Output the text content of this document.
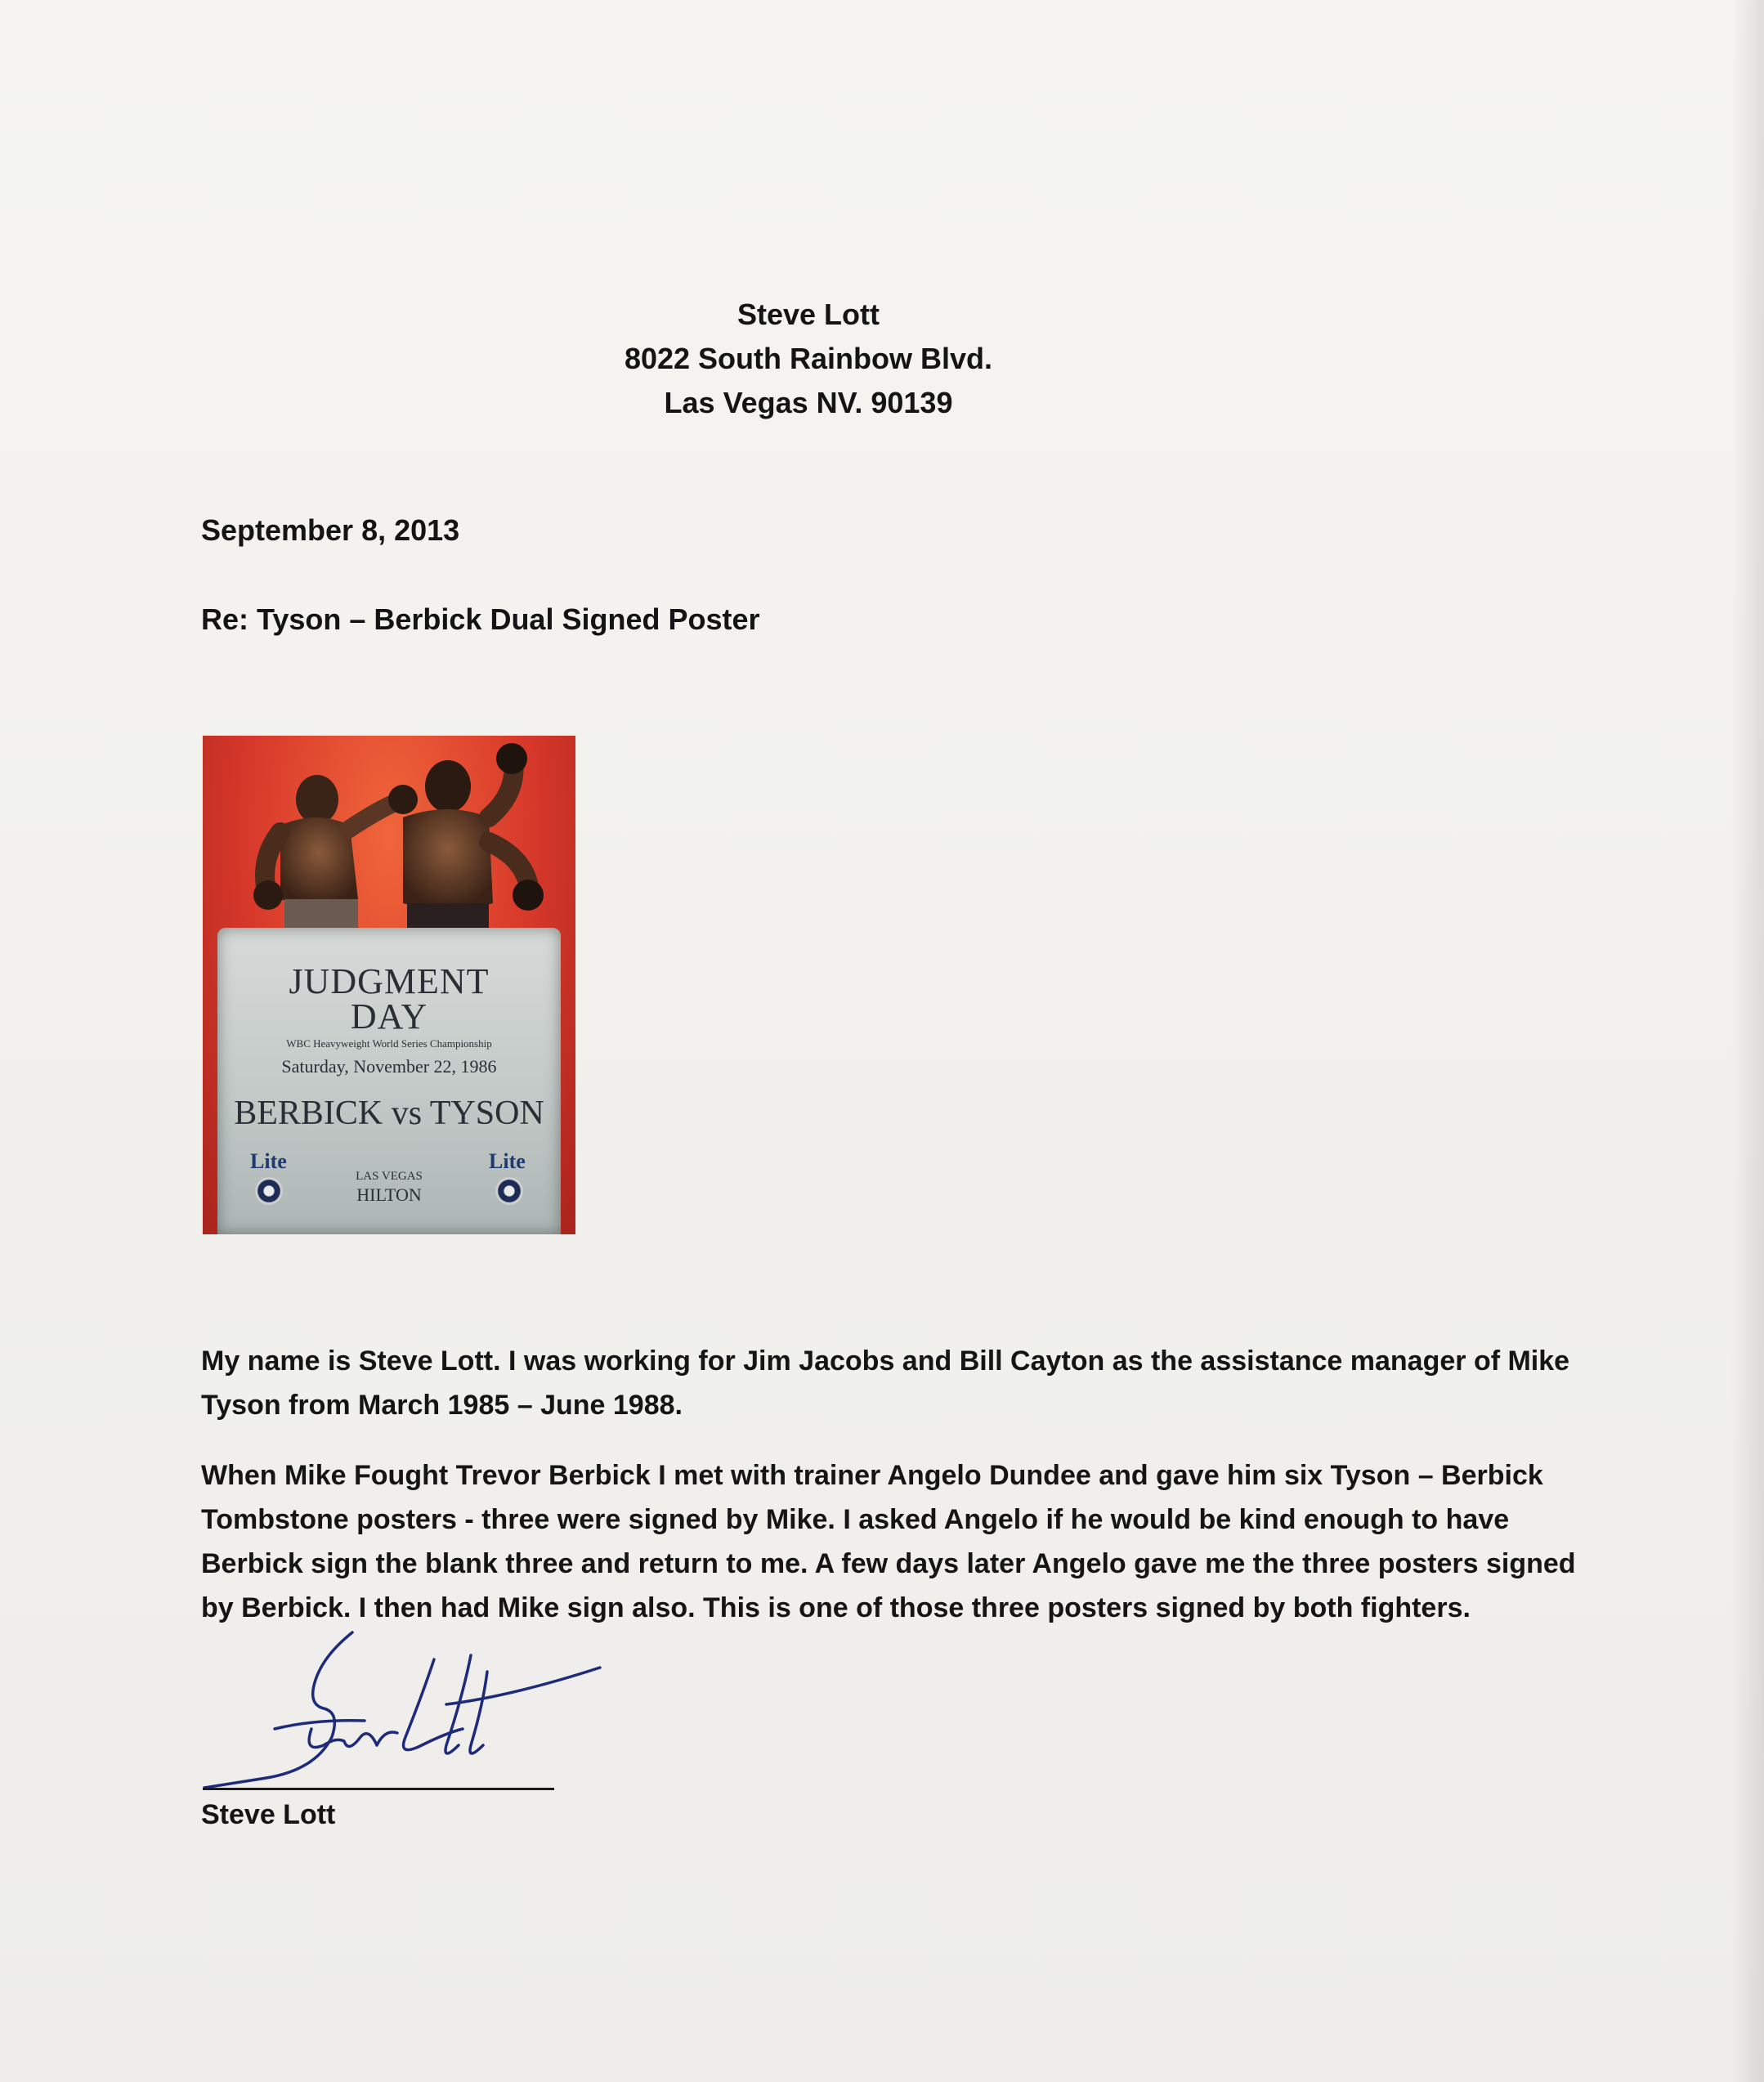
Steve Lott
8022 South Rainbow Blvd.
Las Vegas NV. 90139
September 8, 2013
Re: Tyson – Berbick Dual Signed Poster
JUDGMENT
DAY
WBC Heavyweight World Series Championship
Saturday, November 22, 1986
BERBICK vs TYSON
Lite	Lite
LAS VEGAS
HILTON
My name is Steve Lott. I was working for Jim Jacobs and Bill Cayton as the assistance manager of Mike Tyson from March 1985 – June 1988.
When Mike Fought Trevor Berbick I met with trainer Angelo Dundee and gave him six Tyson – Berbick Tombstone posters - three were signed by Mike. I asked Angelo if he would be kind enough to have Berbick sign the blank three and return to me. A few days later Angelo gave me the three posters signed by Berbick. I then had Mike sign also. This is one of those three posters signed by both fighters.
Steve Lott
